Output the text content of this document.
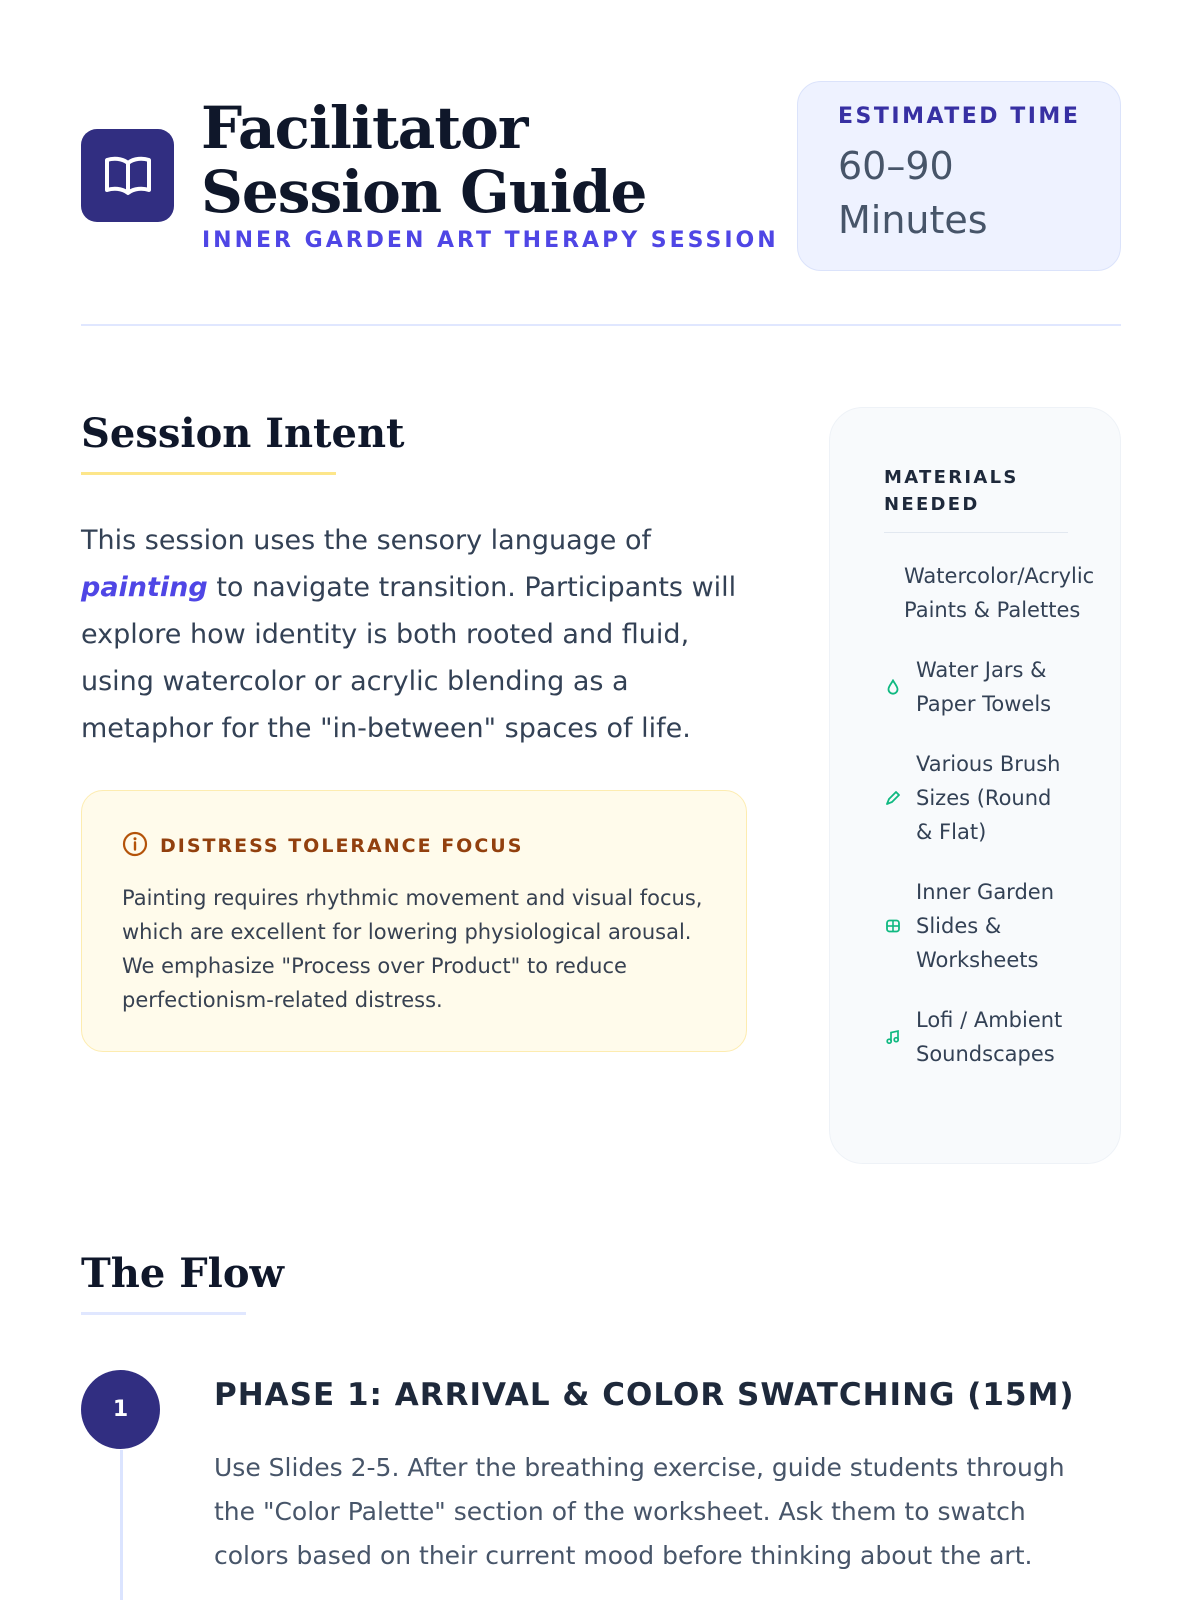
Facilitator Session Guide
INNER GARDEN ART THERAPY SESSION
ESTIMATED TIME
60–90 Minutes
Session Intent

This session uses the sensory language of painting to navigate transition. Participants will explore how identity is both rooted and fluid, using watercolor or acrylic blending as a metaphor for the "in-between" spaces of life.

DISTRESS TOLERANCE FOCUS

Painting requires rhythmic movement and visual focus, which are excellent for lowering physiological arousal. We emphasize "Process over Product" to reduce perfectionism-related distress.

MATERIALS NEEDED
Watercolor/Acrylic Paints & Palettes
Water Jars & Paper Towels
Various Brush Sizes (Round & Flat)
Inner Garden Slides & Worksheets
Lofi / Ambient Soundscapes
The Flow
1	PHASE 1: ARRIVAL & COLOR SWATCHING (15M)

Use Slides 2-5. After the breathing exercise, guide students through the "Color Palette" section of the worksheet. Ask them to swatch colors based on their current mood before thinking about the art.
